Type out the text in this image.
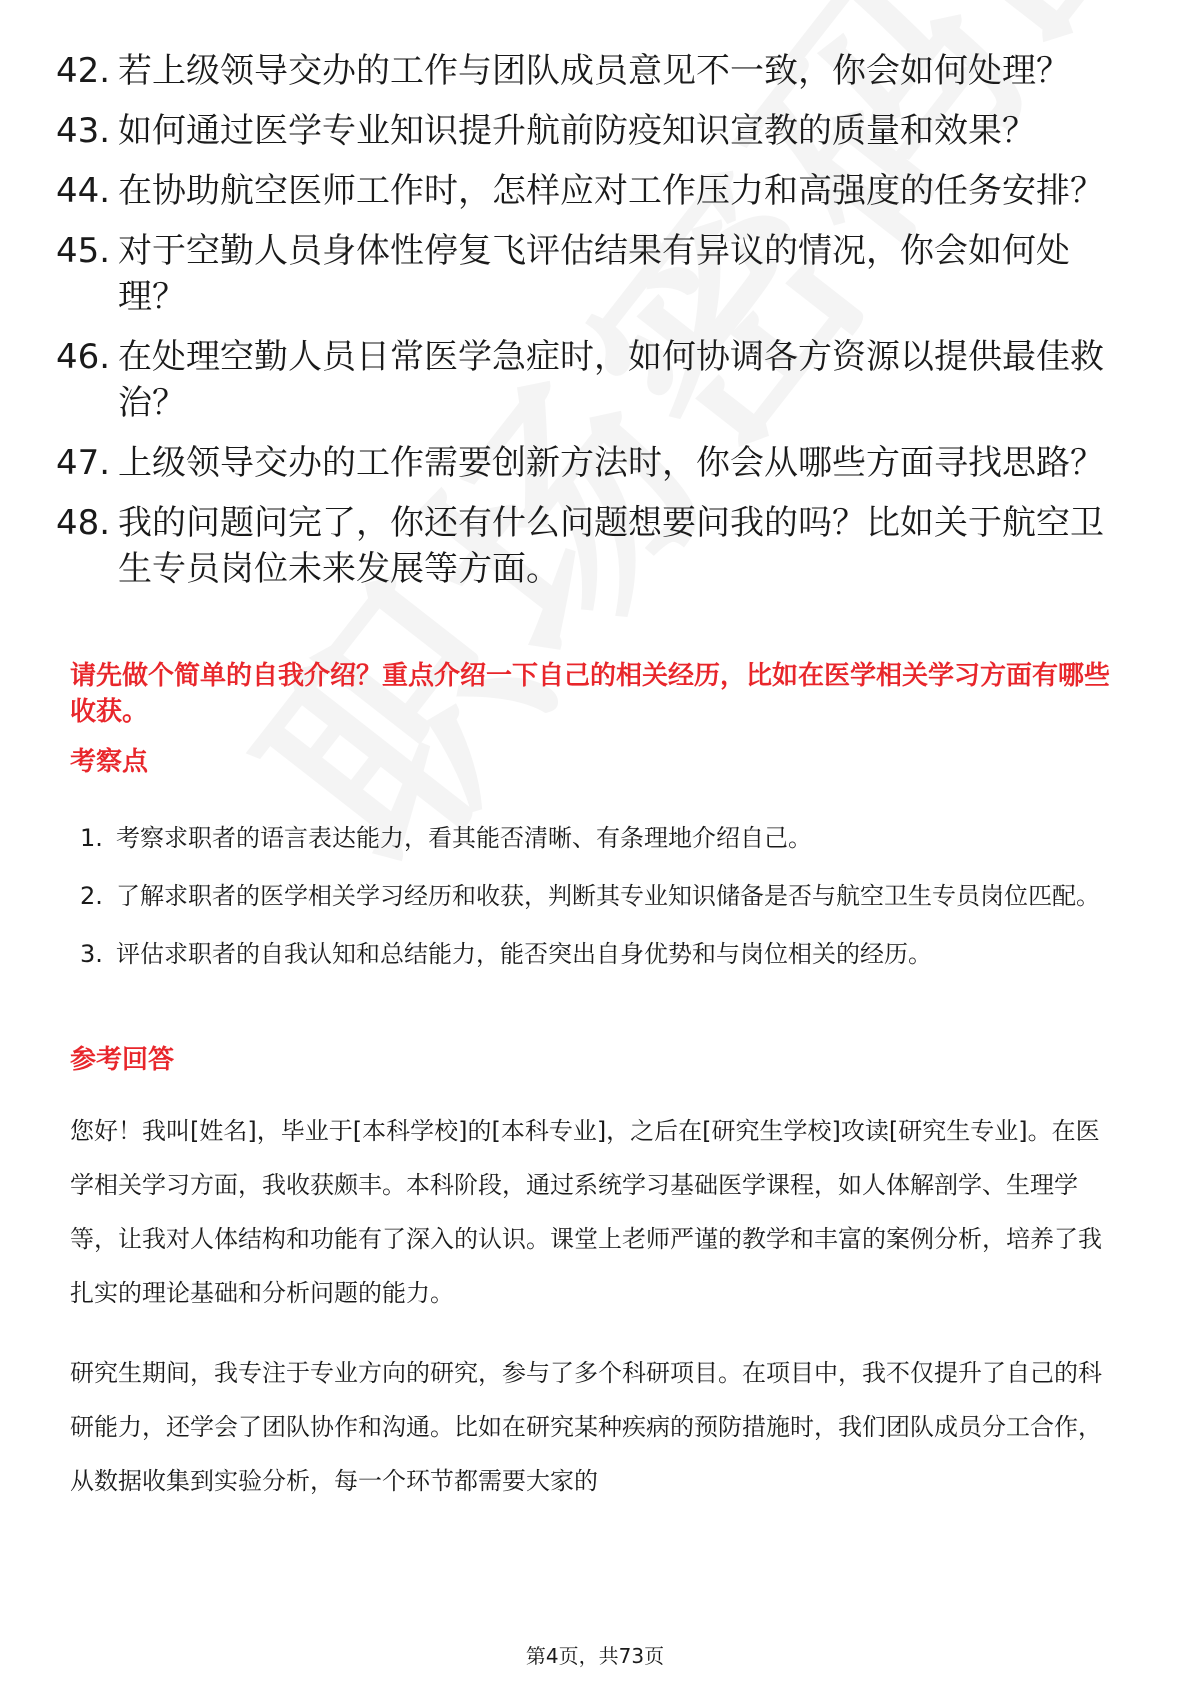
42. 若上级领导交办的工作与团队成员意见不一致，你会如何处理？
43. 如何通过医学专业知识提升航前防疫知识宣教的质量和效果？
44. 在协助航空医师工作时，怎样应对工作压力和高强度的任务安排？
45. 对于空勤人员身体性停复飞评估结果有异议的情况，你会如何处理？
46. 在处理空勤人员日常医学急症时，如何协调各方资源以提供最佳救治？
47. 上级领导交办的工作需要创新方法时，你会从哪些方面寻找思路？
48. 我的问题问完了，你还有什么问题想要问我的吗？比如关于航空卫生专员岗位未来发展等方面。
请先做个简单的自我介绍？重点介绍一下自己的相关经历，比如在医学相关学习方面有哪些收获。
考察点
1. 考察求职者的语言表达能力，看其能否清晰、有条理地介绍自己。
2. 了解求职者的医学相关学习经历和收获，判断其专业知识储备是否与航空卫生专员岗位匹配。
3. 评估求职者的自我认知和总结能力，能否突出自身优势和与岗位相关的经历。
参考回答

您好！我叫[姓名]，毕业于[本科学校]的[本科专业]，之后在[研究生学校]攻读[研究生专业]。在医学相关学习方面，我收获颇丰。本科阶段，通过系统学习基础医学课程，如人体解剖学、生理学等，让我对人体结构和功能有了深入的认识。课堂上老师严谨的教学和丰富的案例分析，培养了我扎实的理论基础和分析问题的能力。

研究生期间，我专注于专业方向的研究，参与了多个科研项目。在项目中，我不仅提升了自己的科研能力，还学会了团队协作和沟通。比如在研究某种疾病的预防措施时，我们团队成员分工合作，从数据收集到实验分析，每一个环节都需要大家的

第4页，共73页
